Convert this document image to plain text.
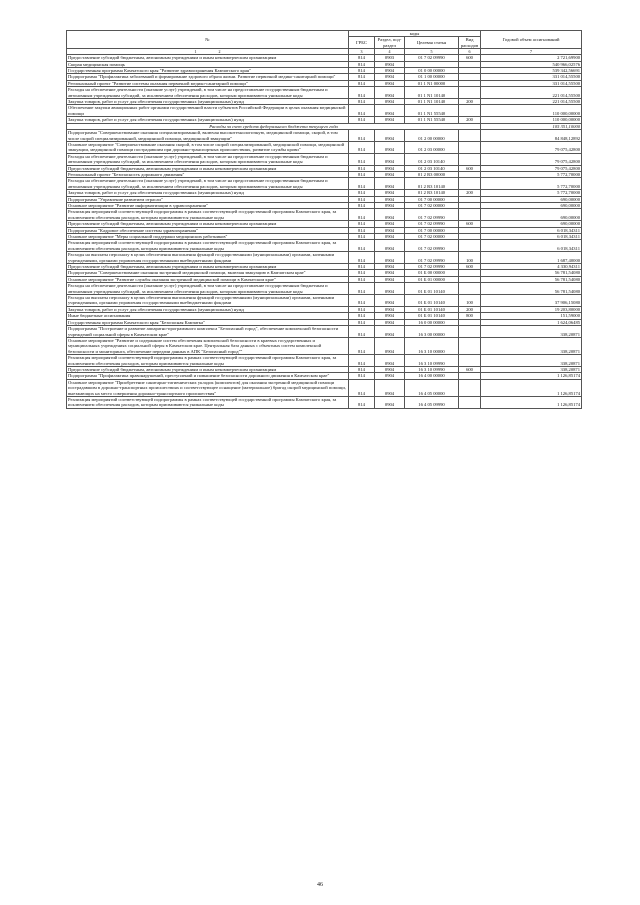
№	коды				Годовой объем ассигнований
	ГРБС	Раздел, под-раздел	Целевая статья	Вид расходов	
1 2	3	4	5	6	7
Предоставление субсидий бюджетным, автономным учреждениям и иным некоммерческим организациям	814	0903	01 7 02 09990	600	2 721,69900
Скорая медицинская помощь	814	0904			540 966,02576
Государственная программа Камчатского края "Развитие здравоохранения Камчатского края"	814	0904	01 0 00 00000		539 342,56691
Подпрограмма "Профилактика заболеваний и формирование здорового образа жизни. Развитие первичной медико-санитарной помощи"	814	0904	01 1 00 00000		331 014,55500
Региональный проект "Развитие системы оказания первичной медико-санитарной помощи"	814	0904	01 1 N1 00000		331 014,55500
Расходы на обеспечение деятельности (оказание услуг) учреждений, в том числе на предоставление государственным бюджетным и автономным учреждениям субсидий, за исключением обеспечения расходов, которым присваиваются уникальные коды	814	0904	01 1 N1 10140		221 014,55500
Закупка товаров, работ и услуг для обеспечения государственных (муниципальных) нужд	814	0904	01 1 N1 10140	200	221 014,55500
Обеспечение закупки авиационных работ органами государственной власти субъектов Российской Федерации в целях оказания медицинской помощи	814	0904	01 1 N1 55540		110 000,00000
Закупка товаров, работ и услуг для обеспечения государственных (муниципальных) нужд	814	0904	01 1 N1 55540	200	110 000,00000
Расходы за счет средств федерального бюджета текущего года					105 351,10000
Подпрограмма "Совершенствование оказания специализированной, включая высокотехнологичную, медицинской помощи, скорой, в том числе скорой специализированной, медицинской помощи, медицинской эвакуации"	814	0904	01 2 00 00000		84 848,12892
Основное мероприятие "Совершенствование оказания скорой, в том числе скорой специализированной, медицинской помощи, медицинской эвакуации, медицинской помощи пострадавшим при дорожно-транспортных происшествиях, развитие службы крови"	814	0904	01 2 03 00000		79 075,42800
Расходы на обеспечение деятельности (оказание услуг) учреждений, в том числе на предоставление государственным бюджетным и автономным учреждениям субсидий, за исключением обеспечения расходов, которым присваиваются уникальные коды	814	0904	01 2 03 10140		79 075,42800
Предоставление субсидий бюджетным, автономным учреждениям и иным некоммерческим организациям	814	0904	01 2 03 10140	600	79 075,42800
Региональный проект "Безопасность дорожного движения"	814	0904	01 2 R3 00000		5 772,70000
Расходы на обеспечение деятельности (оказание услуг) учреждений, в том числе на предоставление государственным бюджетным и автономным учреждениям субсидий, за исключением обеспечения расходов, которым присваиваются уникальные коды	814	0904	01 2 R3 10140		5 772,70000
Закупка товаров, работ и услуг для обеспечения государственных (муниципальных) нужд	814	0904	01 2 R3 10140	200	5 772,70000
Подпрограмма "Управление развитием отрасли"	814	0904	01 7 00 00000		690,00000
Основное мероприятие "Развитие информатизации в здравоохранении"	814	0904	01 7 02 00000		690,00000
Реализация мероприятий соответствующей подпрограммы в рамках соответствующей государственной программы Камчатского края, за исключением обеспечения расходов, которым присваиваются уникальные коды	814	0904	01 7 02 09990		690,00000
Предоставление субсидий бюджетным, автономным учреждениям и иным некоммерческим организациям	814	0904	01 7 02 09990	600	690,00000
Подпрограмма "Кадровое обеспечение системы здравоохранения"	814	0904	01 7 00 00000		6 018,34311
Основное мероприятие "Меры социальной поддержки медицинских работников"	814	0904	01 7 02 00000		6 018,34311
Реализация мероприятий соответствующей подпрограммы в рамках соответствующей государственной программы Камчатского края, за исключением обеспечения расходов, которым присваиваются уникальные коды	814	0904	01 7 02 09990		6 018,34311
Расходы на выплаты персоналу в целях обеспечения выполнения функций государственными (муниципальными) органами, казенными учреждениями, органами управления государственными внебюджетными фондами	814	0904	01 7 02 09990	100	1 687,40000
Предоставление субсидий бюджетным, автономным учреждениям и иным некоммерческим организациям	814	0904	01 7 02 09990	600	4 330,94311
Подпрограмма "Совершенствование оказания экстренной медицинской помощи, включая эвакуацию в Камчатском крае"	814	0904	01 Б 00 00000		56 781,54080
Основное мероприятие "Развитие службы оказания экстренной медицинской помощи в Камчатском крае"	814	0904	01 Б 01 00000		56 781,54080
Расходы на обеспечение деятельности (оказание услуг) учреждений, в том числе на предоставление государственным бюджетным и автономным учреждениям субсидий, за исключением обеспечения расходов, которым присваиваются уникальные коды	814	0904	01 Б 01 10140		56 781,54080
Расходы на выплаты персоналу в целях обеспечения выполнения функций государственными (муниципальными) органами, казенными учреждениями, органами управления государственными внебюджетными фондами	814	0904	01 Б 01 10140	100	37 906,15080
Закупка товаров, работ и услуг для обеспечения государственных (муниципальных) нужд	814	0904	01 Б 01 10140	200	19 203,80000
Иные бюджетные ассигнования	814	0904	01 Б 01 10140	800	151,59000
Государственная программа Камчатского края "Безопасная Камчатка"	814	0904	16 0 00 00000		1 624,06485
Подпрограмма "Построение и развитие аппаратно-программного комплекса "Безопасный город", обеспечение комплексной безопасности учреждений социальной сферы в Камчатском крае"	814	0904	16 3 00 00000		338,20871
Основное мероприятие "Развитие и содержание систем обеспечения комплексной безопасности в краевых государственных и муниципальных учреждениях социальной сферы в Камчатском крае. Центральная база данных с объектных систем комплексной безопасности и мониторинга, обеспечение передачи данных в АПК "Безопасный город""	814	0904	16 3 10 00000		338,20871
Реализация мероприятий соответствующей подпрограммы в рамках соответствующей государственной программы Камчатского края, за исключением обеспечения расходов, которым присваиваются уникальные коды	814	0904	16 3 10 09990		338,20871
Предоставление субсидий бюджетным, автономным учреждениям и иным некоммерческим организациям	814	0904	16 3 10 09990	600	338,20871
Подпрограмма "Профилактика правонарушений, преступлений и повышение безопасности дорожного движения в Камчатском крае"	814	0904	16 4 00 00000		1 126,85174
Основное мероприятие "Приобретение санитарно-гигиенических укладок (комплектов) для оказания экстренной медицинской помощи пострадавшим в дорожно-транспортных происшествиях и соответствующее оснащение (материальное) бригад скорой медицинской помощи, выезжающих на место совершения дорожно-транспортного происшествия"	814	0904	16 4 05 00000		1 126,85174
Реализация мероприятий соответствующей подпрограммы в рамках соответствующей государственной программы Камчатского края, за исключением обеспечения расходов, которым присваиваются уникальные коды	814	0904	16 4 05 09990		1 126,85174
46
